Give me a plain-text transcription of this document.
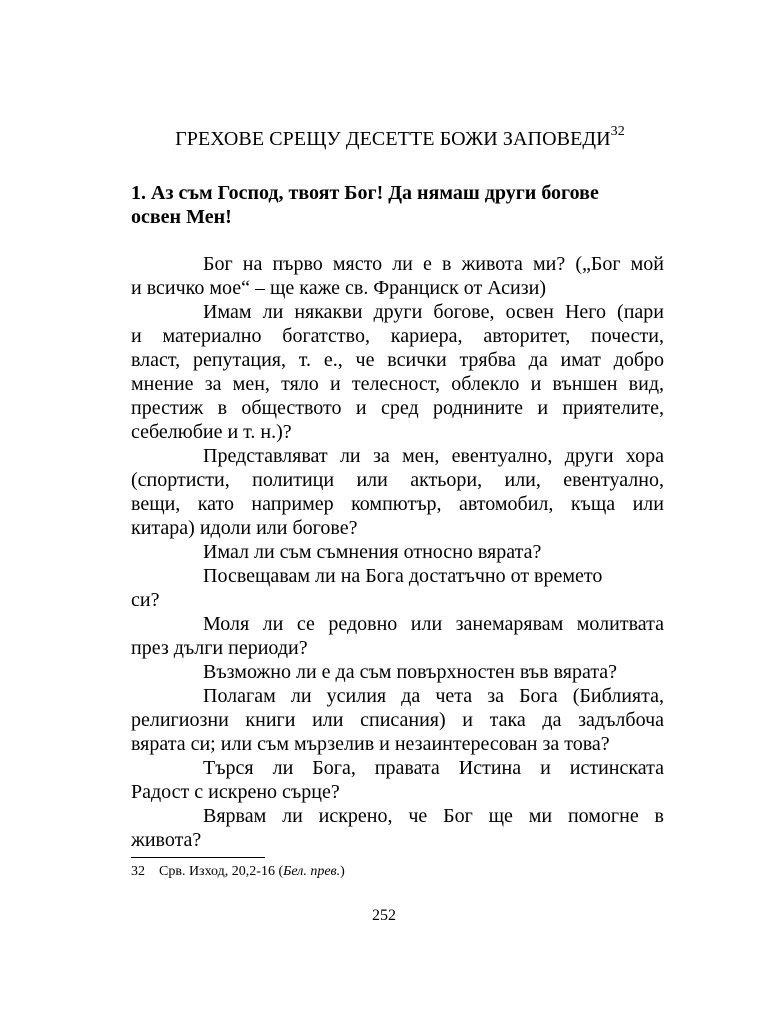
ГРЕХОВЕ СРЕЩУ ДЕСЕТТЕ БОЖИ ЗАПОВЕДИ$^{32}$
1. Аз съм Господ, твоят Бог! Да нямаш други богове
освен Мен!
Бог на първо място ли е в живота ми? („Бог мой
и всичко мое“ – ще каже св. Франциск от Асизи)
Имам ли някакви други богове, освен Него (пари
и материално богатство, кариера, авторитет, почести,
власт, репутация, т. е., че всички трябва да имат добро
мнение за мен, тяло и телесност, облекло и външен вид,
престиж в обществото и сред роднините и приятелите,
себелюбие и т. н.)?
Представляват ли за мен, евентуално, други хора
(спортисти, политици или актьори, или, евентуално,
вещи, като например компютър, автомобил, къща или
китара) идоли или богове?
Имал ли съм съмнения относно вярата?
Посвещавам ли на Бога достатъчно от времето
си?
Моля ли се редовно или занемарявам молитвата
през дълги периоди?
Възможно ли е да съм повърхностен във вярата?
Полагам ли усилия да чета за Бога (Библията,
религиозни книги или списания) и така да задълбоча
вярата си; или съм мързелив и незаинтересован за това?
Търся ли Бога, правата Истина и истинската
Радост с искрено сърце?
Вярвам ли искрено, че Бог ще ми помогне в
живота?
32 Срв. Изход, 20,2-16 (Бел. прев.)
252
